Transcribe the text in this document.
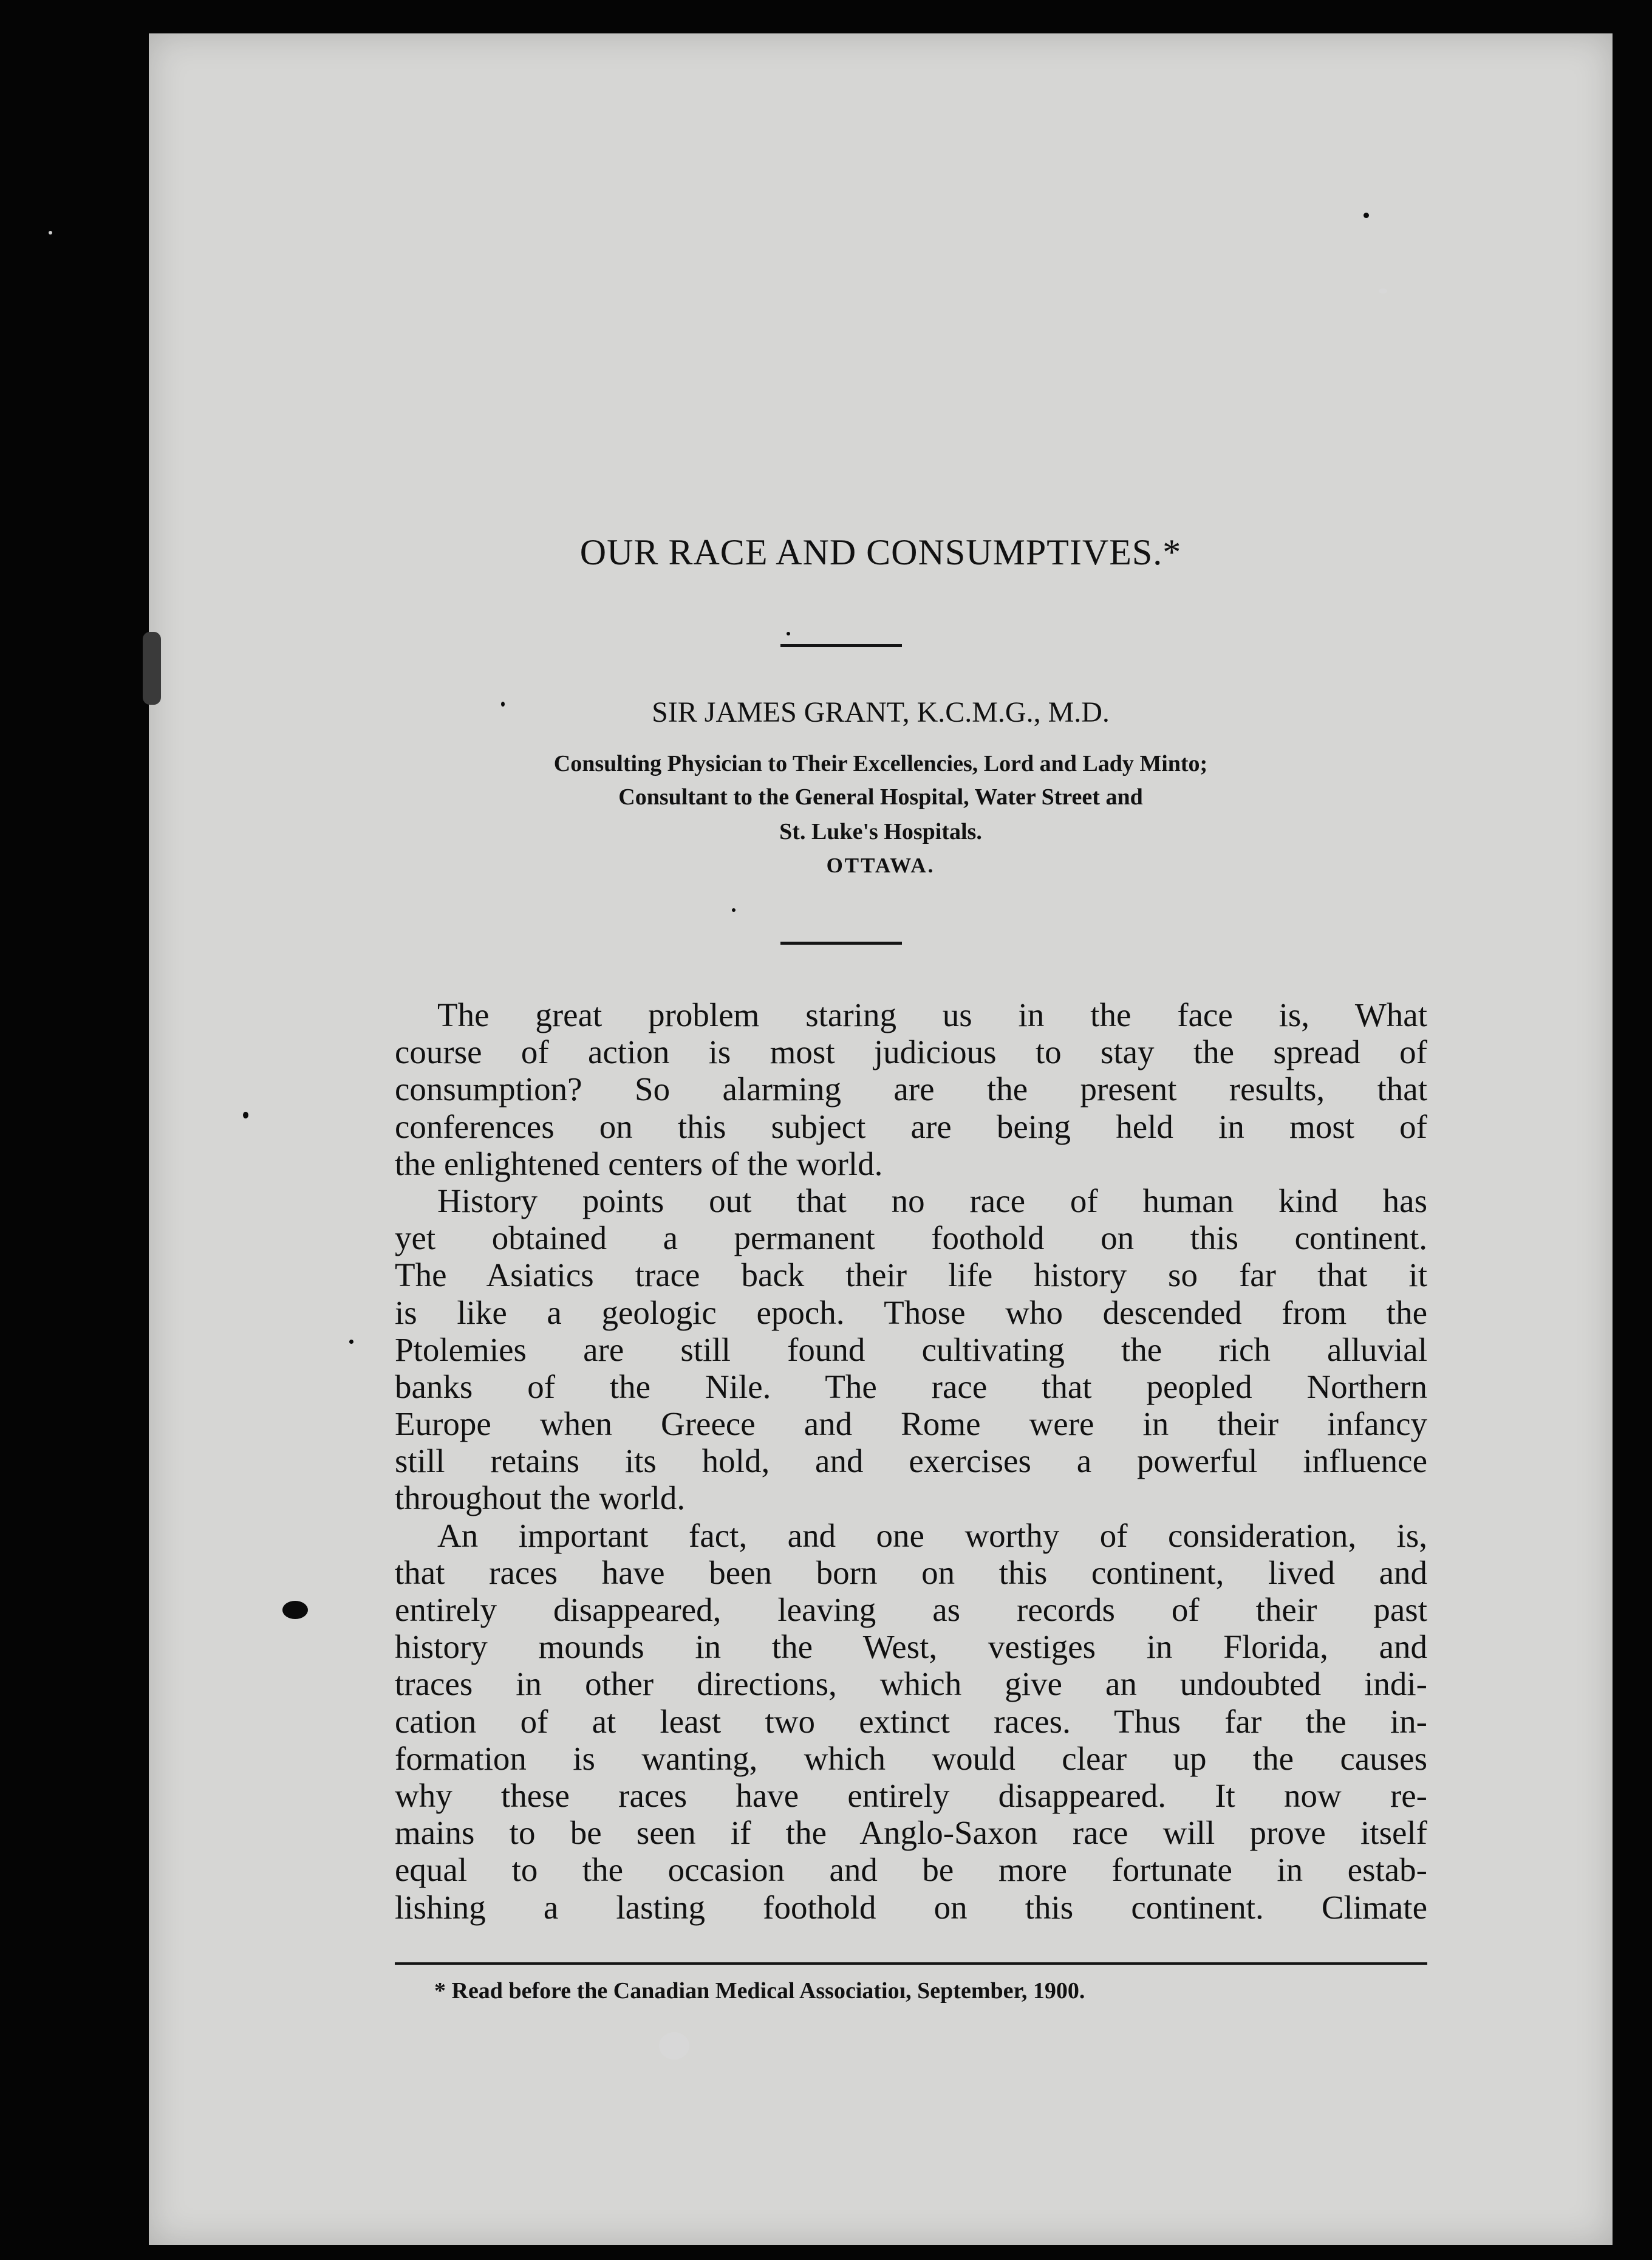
OUR RACE AND CONSUMPTIVES.*

SIR JAMES GRANT, K.C.M.G., M.D.

Consulting Physician to Their Excellencies, Lord and Lady Minto;

Consultant to the General Hospital, Water Street and

St. Luke's Hospitals.

OTTAWA.

The great problem staring us in the face is, What
course of action is most judicious to stay the spread of
consumption? So alarming are the present results, that
conferences on this subject are being held in most of
the enlightened centers of the world.
History points out that no race of human kind has
yet obtained a permanent foothold on this continent.
The Asiatics trace back their life history so far that it
is like a geologic epoch. Those who descended from the
Ptolemies are still found cultivating the rich alluvial
banks of the Nile. The race that peopled Northern
Europe when Greece and Rome were in their infancy
still retains its hold, and exercises a powerful influence
throughout the world.
An important fact, and one worthy of consideration, is,
that races have been born on this continent, lived and
entirely disappeared, leaving as records of their past
history mounds in the West, vestiges in Florida, and
traces in other directions, which give an undoubted indi-
cation of at least two extinct races. Thus far the in-
formation is wanting, which would clear up the causes
why these races have entirely disappeared. It now re-
mains to be seen if the Anglo-Saxon race will prove itself
equal to the occasion and be more fortunate in estab-
lishing a lasting foothold on this continent. Climate

* Read before the Canadian Medical Associatioı, September, 1900.
